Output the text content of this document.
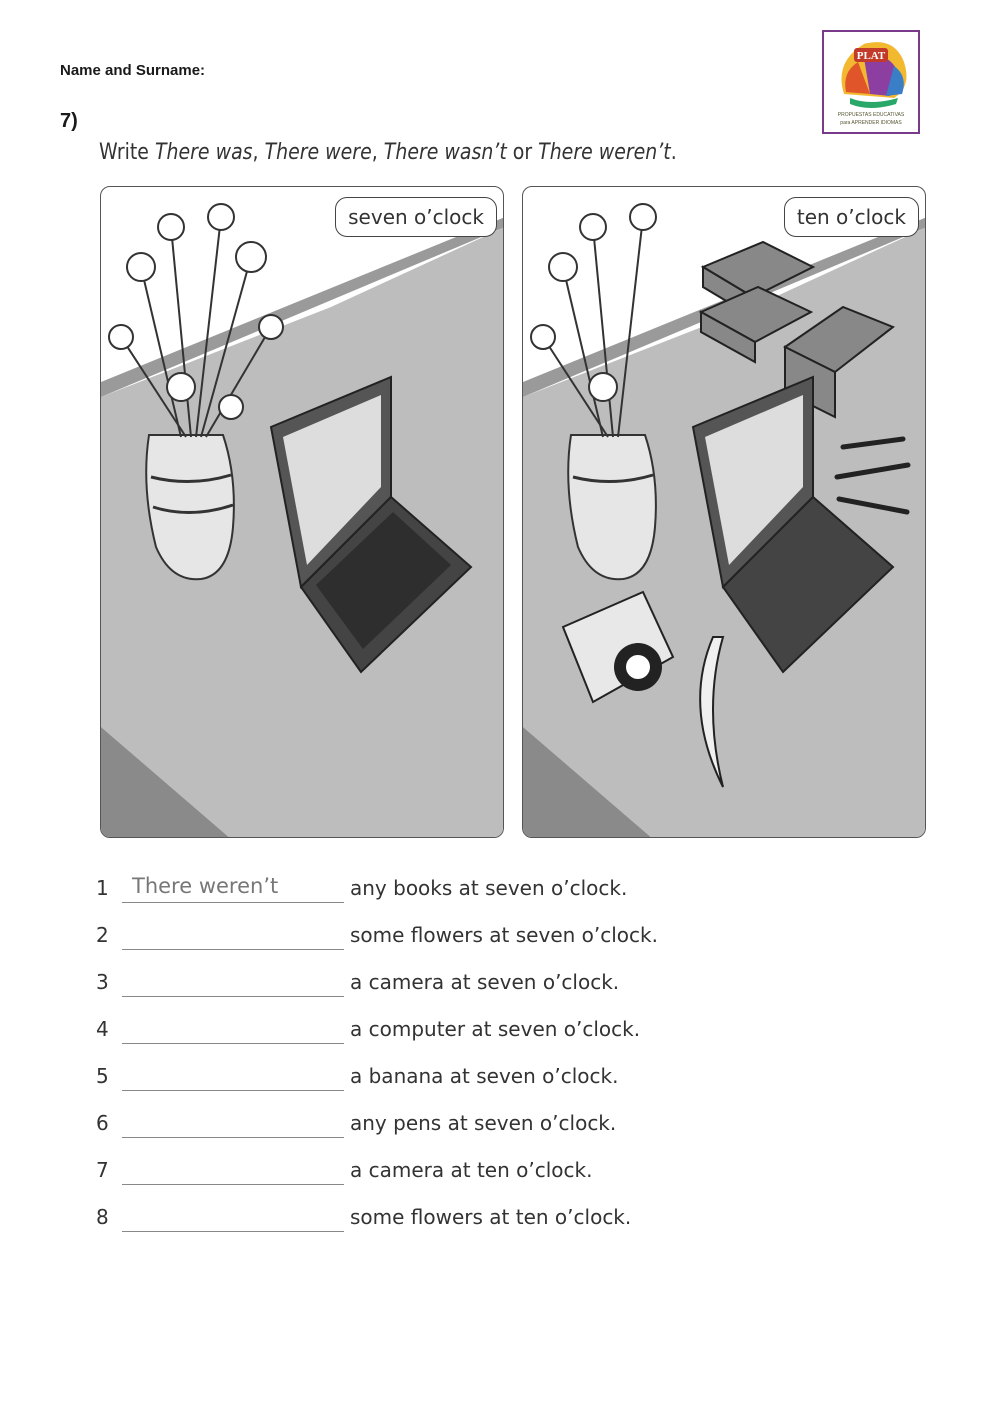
Name and Surname:
7)
PLAT
PROPUESTAS EDUCATIVAS
para APRENDER IDIOMAS
Write There was, There were, There wasn’t or There weren’t.
seven o’clock	ten o’clock
1 There weren’t	any books at seven o’clock.
2	some flowers at seven o’clock.
3	a camera at seven o’clock.
4	a computer at seven o’clock.
5	a banana at seven o’clock.
6	any pens at seven o’clock.
7	a camera at ten o’clock.
8	some flowers at ten o’clock.
